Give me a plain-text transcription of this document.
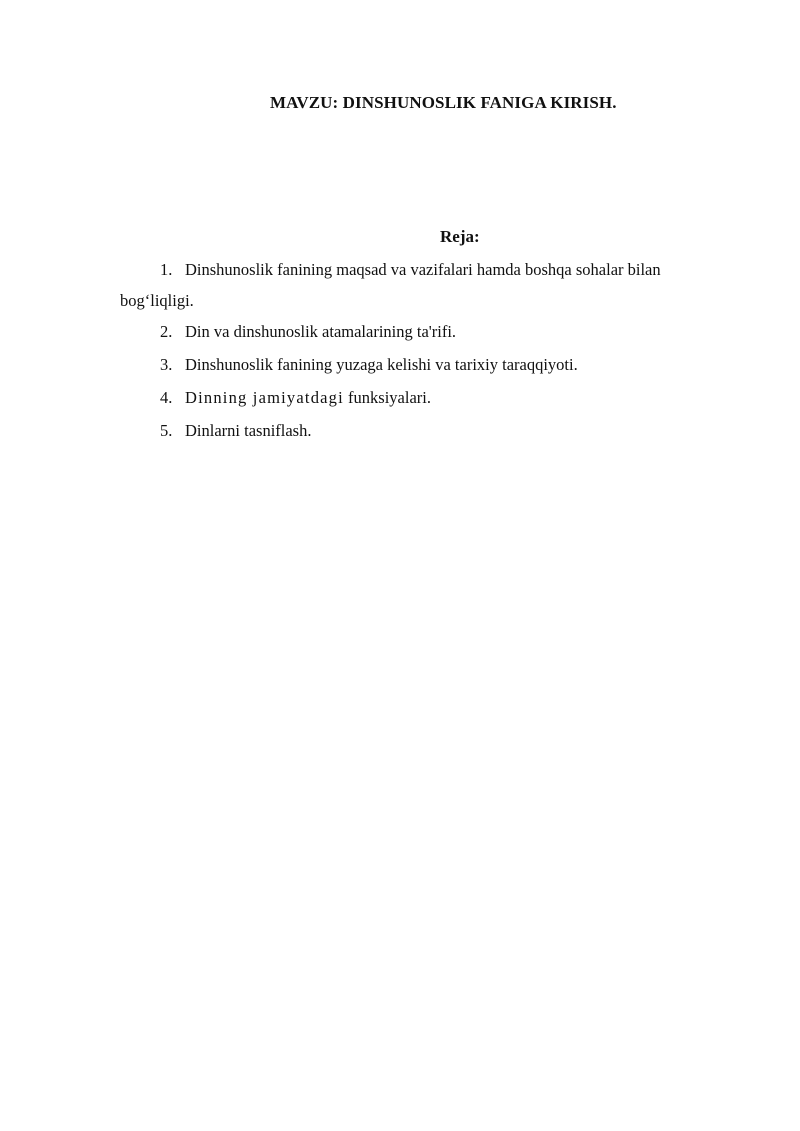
MAVZU: DINSHUNOSLIK FANIGA KIRISH.
Reja:
1. Dinshunoslik fanining maqsad va vazifalari hamda boshqa sohalar bilan
bog‘liqligi.
2. Din va dinshunoslik atamalarining ta'rifi.
3. Dinshunoslik fanining yuzaga kelishi va tarixiy taraqqiyoti.
4. Dinning jamiyatdagi funksiyalari.
5. Dinlarni tasniflash.
